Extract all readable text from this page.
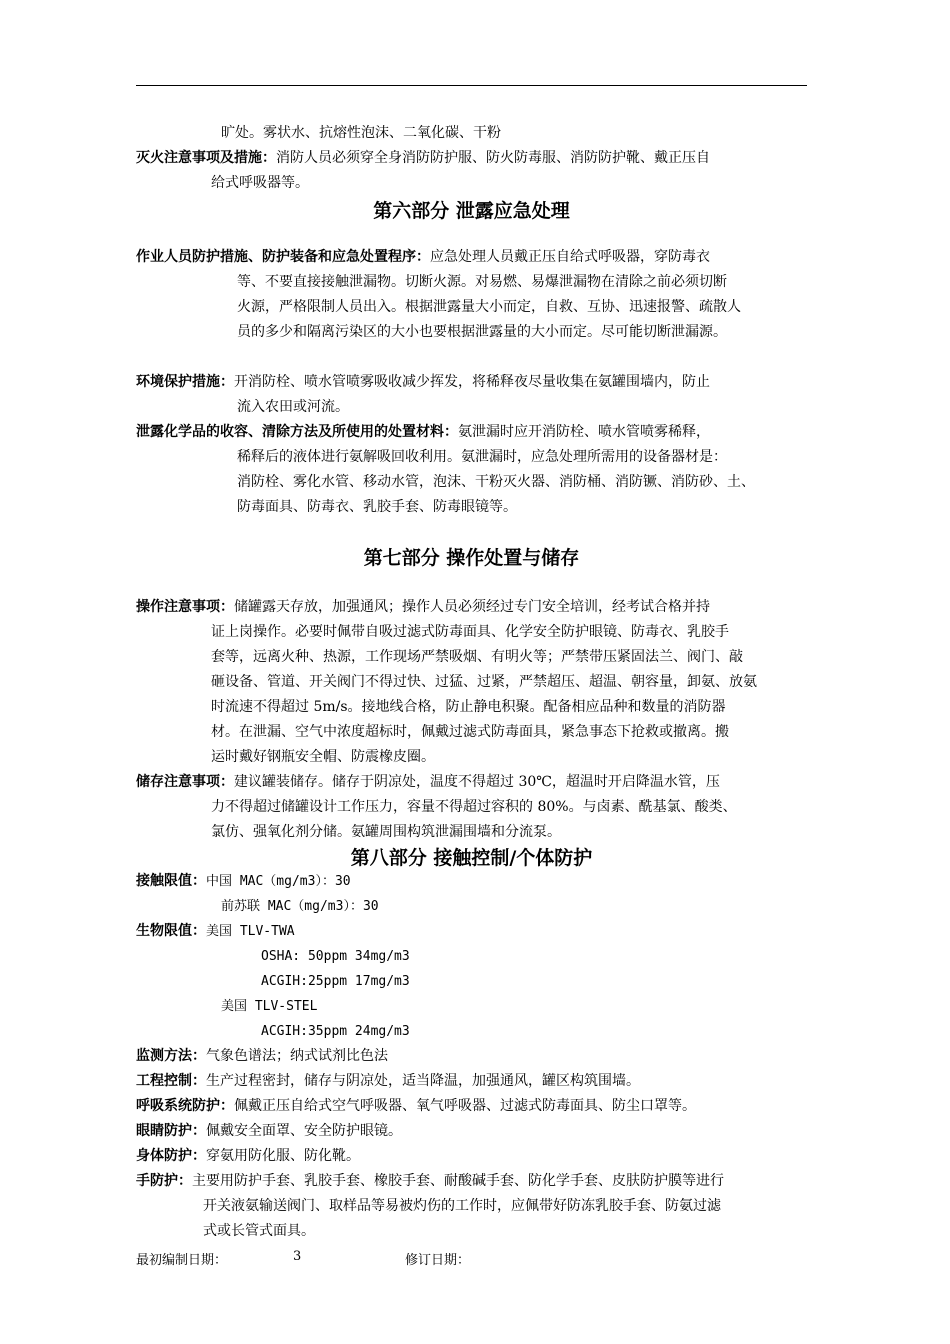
旷处。雾状水、抗熔性泡沫、二氧化碳、干粉

灭火注意事项及措施：消防人员必须穿全身消防防护服、防火防毒服、消防防护靴、戴正压自
给式呼吸器等。
第六部分 泄露应急处理
作业人员防护措施、防护装备和应急处置程序：应急处理人员戴正压自给式呼吸器，穿防毒衣
等、不要直接接触泄漏物。切断火源。对易燃、易爆泄漏物在清除之前必须切断
火源，严格限制人员出入。根据泄露量大小而定，自救、互协、迅速报警、疏散人
员的多少和隔离污染区的大小也要根据泄露量的大小而定。尽可能切断泄漏源。
环境保护措施：开消防栓、喷水管喷雾吸收减少挥发，将稀释夜尽量收集在氨罐围墙内，防止
流入农田或河流。
泄露化学品的收容、清除方法及所使用的处置材料：氨泄漏时应开消防栓、喷水管喷雾稀释，
稀释后的液体进行氨解吸回收利用。氨泄漏时，应急处理所需用的设备器材是：
消防栓、雾化水管、移动水管，泡沫、干粉灭火器、消防桶、消防镢、消防砂、土、
防毒面具、防毒衣、乳胶手套、防毒眼镜等。
第七部分 操作处置与储存
操作注意事项：储罐露天存放，加强通风；操作人员必须经过专门安全培训，经考试合格并持
证上岗操作。必要时佩带自吸过滤式防毒面具、化学安全防护眼镜、防毒衣、乳胶手
套等，远离火种、热源，工作现场严禁吸烟、有明火等；严禁带压紧固法兰、阀门、敲
砸设备、管道、开关阀门不得过快、过猛、过紧，严禁超压、超温、朝容量，卸氨、放氨
时流速不得超过 5m/s。接地线合格，防止静电积聚。配备相应品种和数量的消防器
材。在泄漏、空气中浓度超标时，佩戴过滤式防毒面具，紧急事态下抢救或撤离。搬
运时戴好钢瓶安全帽、防震橡皮圈。
储存注意事项：建议罐装储存。储存于阴凉处，温度不得超过 30℃，超温时开启降温水管，压
力不得超过储罐设计工作压力，容量不得超过容积的 80%。与卤素、酰基氯、酸类、
氯仿、强氧化剂分储。氨罐周围构筑泄漏围墙和分流泵。
第八部分 接触控制/个体防护

接触限值：中国 MAC（mg/m3）：30

前苏联 MAC（mg/m3）：30

生物限值：美国 TLV-TWA

OSHA: 50ppm 34mg/m3

ACGIH:25ppm 17mg/m3

美国 TLV-STEL

ACGIH:35ppm 24mg/m3

监测方法：气象色谱法；纳式试剂比色法

工程控制：生产过程密封，储存与阴凉处，适当降温，加强通风，罐区构筑围墙。

呼吸系统防护：佩戴正压自给式空气呼吸器、氧气呼吸器、过滤式防毒面具、防尘口罩等。

眼睛防护：佩戴安全面罩、安全防护眼镜。

身体防护：穿氨用防化服、防化靴。

手防护：主要用防护手套、乳胶手套、橡胶手套、耐酸碱手套、防化学手套、皮肤防护膜等进行
开关液氨输送阀门、取样品等易被灼伤的工作时，应佩带好防冻乳胶手套、防氨过滤
式或长管式面具。

最初编制日期：	3	修订日期：
